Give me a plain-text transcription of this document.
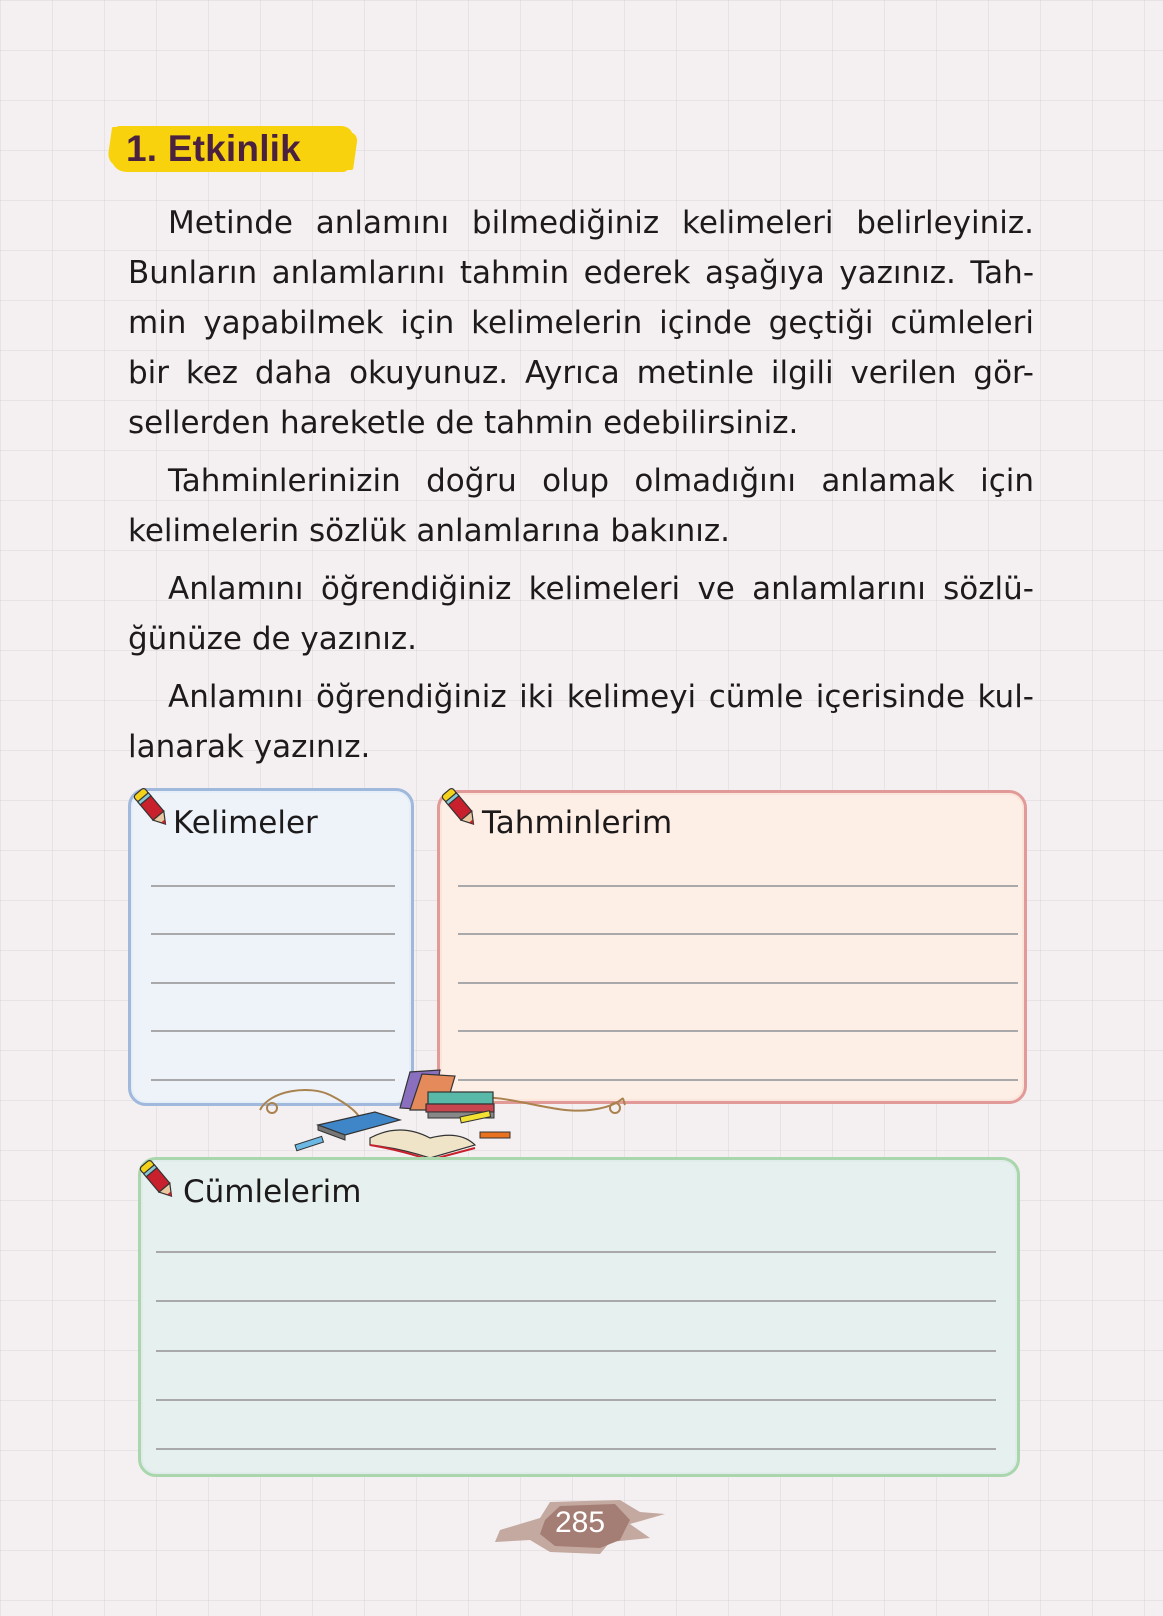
1. Etkinlik

Metinde anlamını bilmediğiniz kelimeleri belirleyiniz.
Bunların anlamlarını tahmin ederek aşağıya yazınız. Tah-
min yapabilmek için kelimelerin içinde geçtiği cümleleri
bir kez daha okuyunuz. Ayrıca metinle ilgili verilen gör-
sellerden hareketle de tahmin edebilirsiniz.

Tahminlerinizin doğru olup olmadığını anlamak için
kelimelerin sözlük anlamlarına bakınız.

Anlamını öğrendiğiniz kelimeleri ve anlamlarını sözlü-
ğünüze de yazınız.

Anlamını öğrendiğiniz iki kelimeyi cümle içerisinde kul-
lanarak yazınız.

Kelimeler	Tahminlerim
Cümlelerim
285
